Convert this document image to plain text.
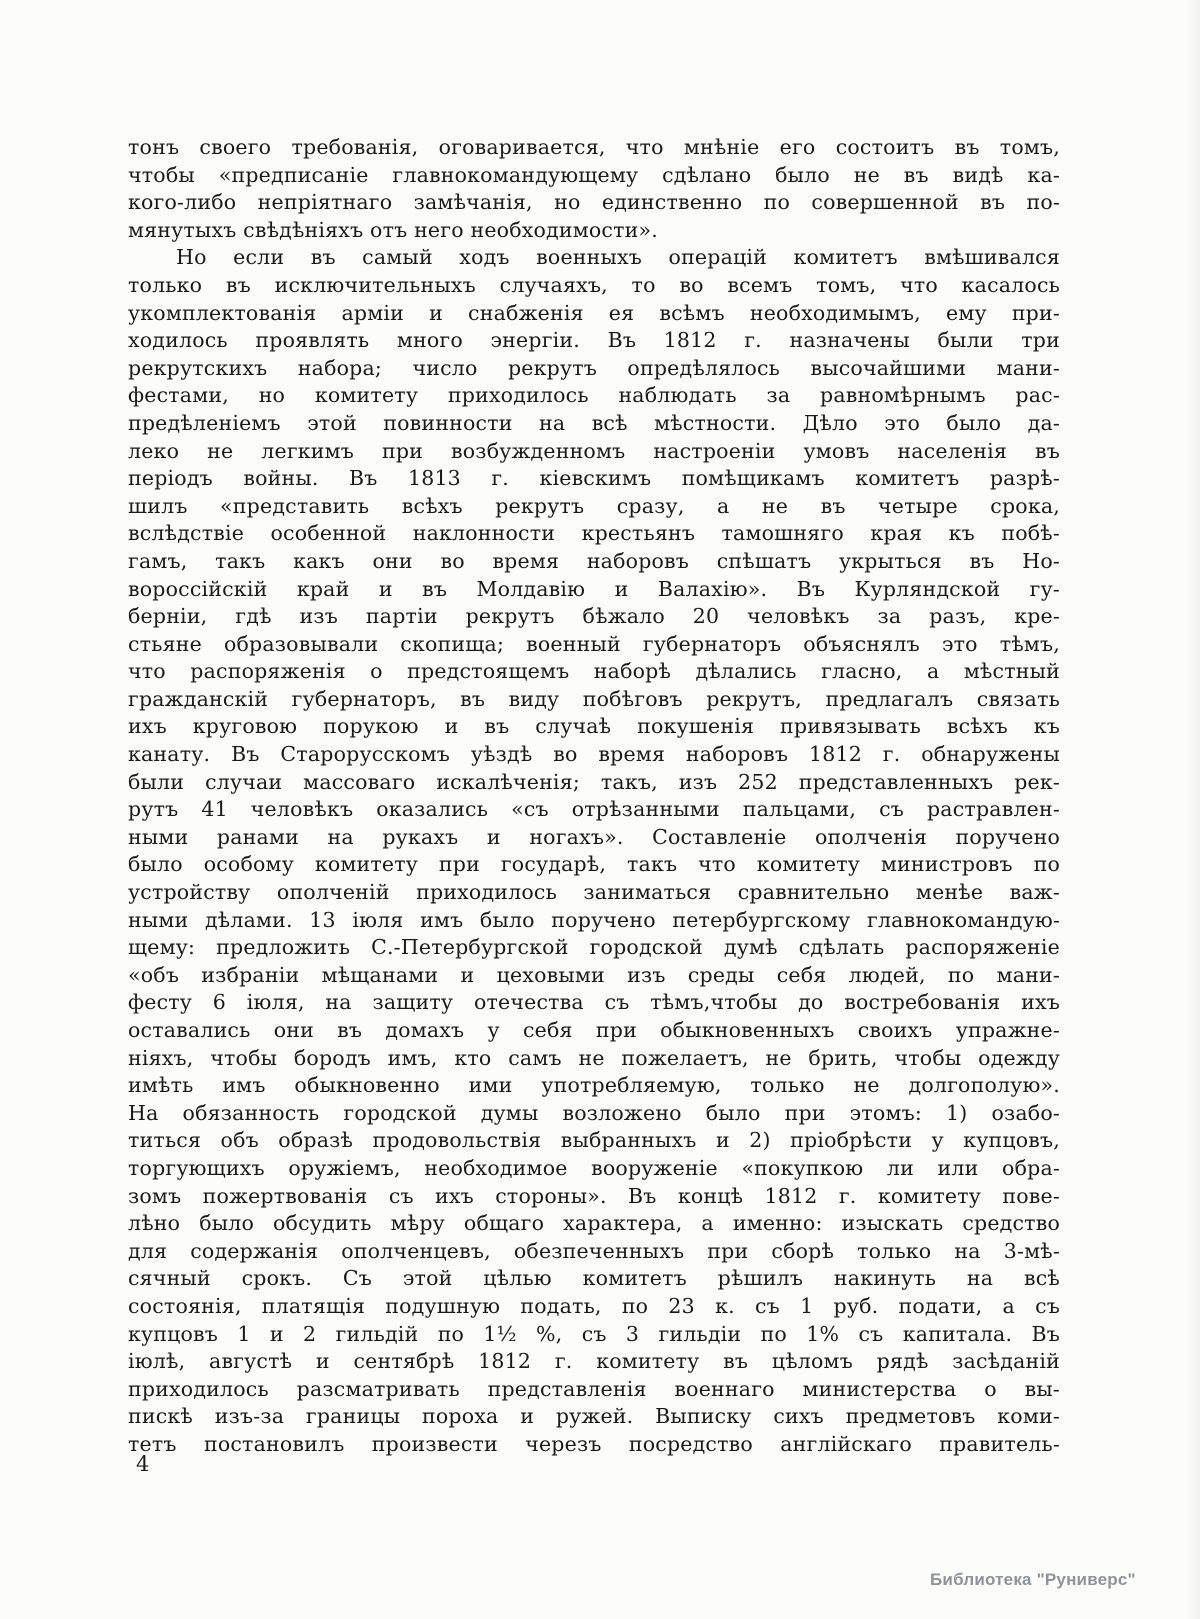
тонъ своего требованія, оговаривается, что мнѣніе его состоитъ въ томъ,
чтобы «предписаніе главнокомандующему сдѣлано было не въ видѣ ка-
кого-либо непріятнаго замѣчанія, но единственно по совершенной въ по-
мянутыхъ свѣдѣніяхъ отъ него необходимости».
Но если въ самый ходъ военныхъ операцій комитетъ вмѣшивался
только въ исключительныхъ случаяхъ, то во всемъ томъ, что касалось
укомплектованія арміи и снабженія ея всѣмъ необходимымъ, ему при-
ходилось проявлять много энергіи. Въ 1812 г. назначены были три
рекрутскихъ набора; число рекрутъ опредѣлялось высочайшими мани-
фестами, но комитету приходилось наблюдать за равномѣрнымъ рас-
предѣленіемъ этой повинности на всѣ мѣстности. Дѣло это было да-
леко не легкимъ при возбужденномъ настроеніи умовъ населенія въ
періодъ войны. Въ 1813 г. кіевскимъ помѣщикамъ комитетъ разрѣ-
шилъ «представить всѣхъ рекрутъ сразу, а не въ четыре срока,
вслѣдствіе особенной наклонности крестьянъ тамошняго края къ побѣ-
гамъ, такъ какъ они во время наборовъ спѣшатъ укрыться въ Но-
вороссійскій край и въ Молдавію и Валахію». Въ Курляндской гу-
берніи, гдѣ изъ партіи рекрутъ бѣжало 20 человѣкъ за разъ, кре-
стьяне образовывали скопища; военный губернаторъ объяснялъ это тѣмъ,
что распоряженія о предстоящемъ наборѣ дѣлались гласно, а мѣстный
гражданскій губернаторъ, въ виду побѣговъ рекрутъ, предлагалъ связать
ихъ круговою порукою и въ случаѣ покушенія привязывать всѣхъ къ
канату. Въ Старорусскомъ уѣздѣ во время наборовъ 1812 г. обнаружены
были случаи массоваго искалѣченія; такъ, изъ 252 представленныхъ рек-
рутъ 41 человѣкъ оказались «съ отрѣзанными пальцами, съ растравлен-
ными ранами на рукахъ и ногахъ». Составленіе ополченія поручено
было особому комитету при государѣ, такъ что комитету министровъ по
устройству ополченій приходилось заниматься сравнительно менѣе важ-
ными дѣлами. 13 іюля имъ было поручено петербургскому главнокомандую-
щему: предложить С.-Петербургской городской думѣ сдѣлать распоряженіе
«объ избраніи мѣщанами и цеховыми изъ среды себя людей, по мани-
фесту 6 іюля, на защиту отечества съ тѣмъ,чтобы до востребованія ихъ
оставались они въ домахъ у себя при обыкновенныхъ своихъ упражне-
ніяхъ, чтобы бородъ имъ, кто самъ не пожелаетъ, не брить, чтобы одежду
имѣть имъ обыкновенно ими употребляемую, только не долгополую».
На обязанность городской думы возложено было при этомъ: 1) озабо-
титься объ образѣ продовольствія выбранныхъ и 2) пріобрѣсти у купцовъ,
торгующихъ оружіемъ, необходимое вооруженіе «покупкою ли или обра-
зомъ пожертвованія съ ихъ стороны». Въ концѣ 1812 г. комитету пове-
лѣно было обсудить мѣру общаго характера, а именно: изыскать средство
для содержанія ополченцевъ, обезпеченныхъ при сборѣ только на 3-мѣ-
сячный срокъ. Съ этой цѣлью комитетъ рѣшилъ накинуть на всѣ
состоянія, платящія подушную подать, по 23 к. съ 1 руб. подати, а съ
купцовъ 1 и 2 гильдій по 1½ %, съ 3 гильдіи по 1% съ капитала. Въ
іюлѣ, августѣ и сентябрѣ 1812 г. комитету въ цѣломъ рядѣ засѣданій
приходилось разсматривать представленія военнаго министерства о вы-
пискѣ изъ-за границы пороха и ружей. Выписку сихъ предметовъ коми-
тетъ постановилъ произвести черезъ посредство англійскаго правитель-
4
Библиотека "Руниверс"
